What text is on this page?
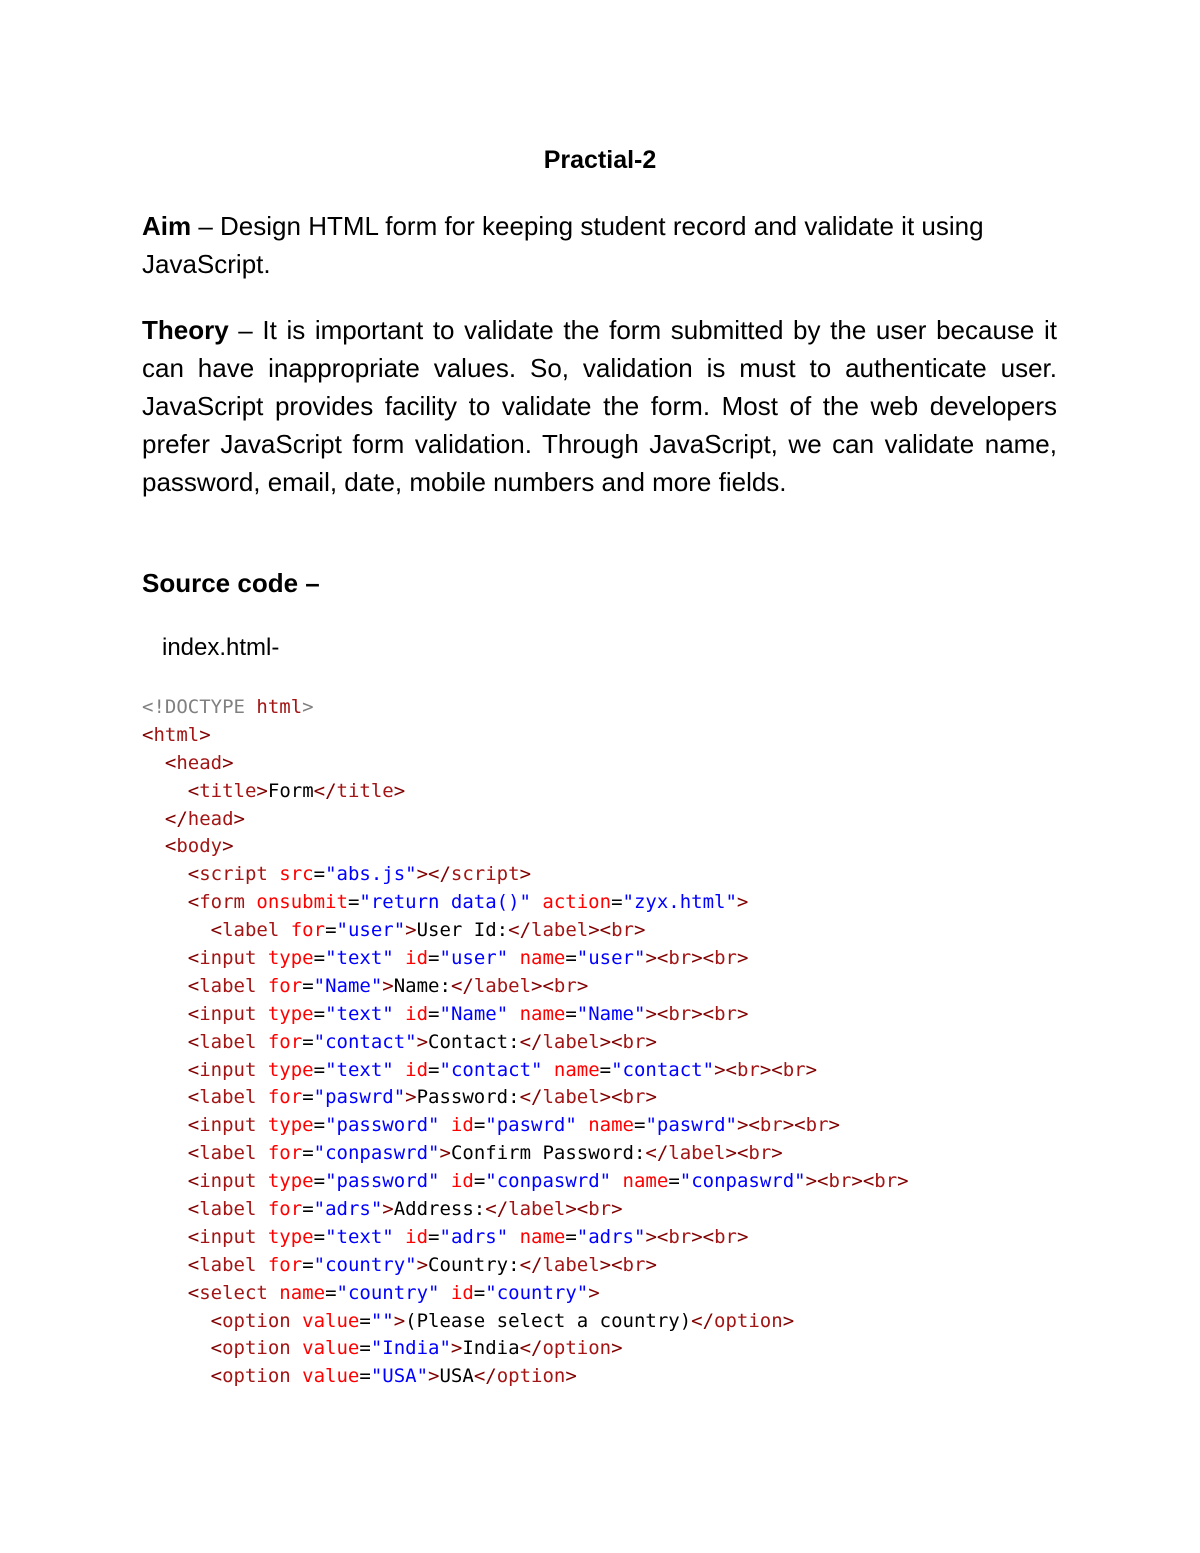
Practial-2
Aim – Design HTML form for keeping student record and validate it using JavaScript.
Theory – It is important to validate the form submitted by the user because it can have inappropriate values. So, validation is must to authenticate user. JavaScript provides facility to validate the form. Most of the web developers prefer JavaScript form validation. Through JavaScript, we can validate name, password, email, date, mobile numbers and more fields.
Source code –
index.html-
<!DOCTYPE html>
<html>
<head>
<title>Form</title>
</head>
<body>
<script src="abs.js"></script>
<form onsubmit="return data()" action="zyx.html">
<label for="user">User Id:</label><br>
<input type="text" id="user" name="user"><br><br>
<label for="Name">Name:</label><br>
<input type="text" id="Name" name="Name"><br><br>
<label for="contact">Contact:</label><br>
<input type="text" id="contact" name="contact"><br><br>
<label for="paswrd">Password:</label><br>
<input type="password" id="paswrd" name="paswrd"><br><br>
<label for="conpaswrd">Confirm Password:</label><br>
<input type="password" id="conpaswrd" name="conpaswrd"><br><br>
<label for="adrs">Address:</label><br>
<input type="text" id="adrs" name="adrs"><br><br>
<label for="country">Country:</label><br>
<select name="country" id="country">
<option value="">(Please select a country)</option>
<option value="India">India</option>
<option value="USA">USA</option>
